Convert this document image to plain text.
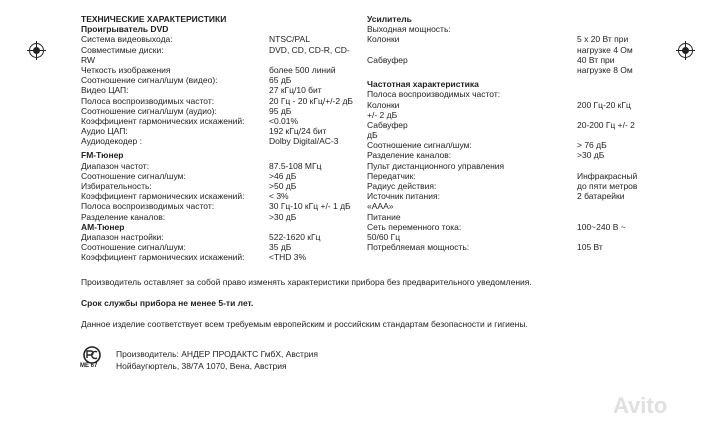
ТЕХНИЧЕСКИЕ ХАРАКТЕРИСТИКИ
Проигрыватель DVD
Система видеовыхода:	NTSC/PAL
Совместимые диски:	DVD, CD, CD-R, CD-
RW
Четкость изображения	более 500 линий
Соотношение сигнал/шум (видео):	65 дБ
Видео ЦАП:	27 кГц/10 бит
Полоса воспроизводимых частот:	20 Гц - 20 кГц/+/-2 дБ
Соотношение сигнал/шум (аудио):	95 дБ
Коэффициент гармонических искажений:	<0.01%
Аудио ЦАП:	192 кГц/24 бит
Аудиодекодер :	Dolby Digital/AC-3
FM-Тюнер
Диапазон частот:	87.5-108 МГц
Соотношение сигнал/шум:	>46 дБ
Избирательность:	>50 дБ
Коэффициент гармонических искажений:	< 3%
Полоса воспроизводимых частот:	30 Гц-10 кГц +/- 1 дБ
Разделение каналов:	>30 дБ
АМ-Тюнер
Диапазон настройки:	522-1620 кГц
Соотношение сигнал/шум:	35 дБ
Коэффициент гармонических искажений:	<THD 3%
Усилитель
Выходная мощность:
Колонки	5 х 20 Вт при
нагрузке 4 Ом
Сабвуфер	40 Вт при
нагрузке 8 Ом
Частотная характеристика
Полоса воспроизводимых частот:
Колонки	200 Гц-20 кГц
+/- 2 дБ
Сабвуфер	20-200 Гц +/- 2
дБ
Соотношение сигнал/шум:	> 76 дБ
Разделение каналов:	>30 дБ
Пульт дистанционного управления
Передатчик:	Инфракрасный
Радиус действия:	до пяти метров
Источник питания:	2 батарейки
«AAA»
Питание
Сеть переменного тока:	100~240 В ~
50/60 Гц
Потребляемая мощность:	105 Вт
Производитель оставляет за собой право изменять характеристики прибора без предварительного уведомления.
Срок службы прибора не менее 5-ти лет.
Данное изделие соответствует всем требуемым европейским и российским стандартам безопасности и гигиены.
МЕ 67
Производитель: АНДЕР ПРОДАКТС ГмбХ, Австрия
Нойбаугюртель, 38/7А 1070, Вена, Австрия
Avito
